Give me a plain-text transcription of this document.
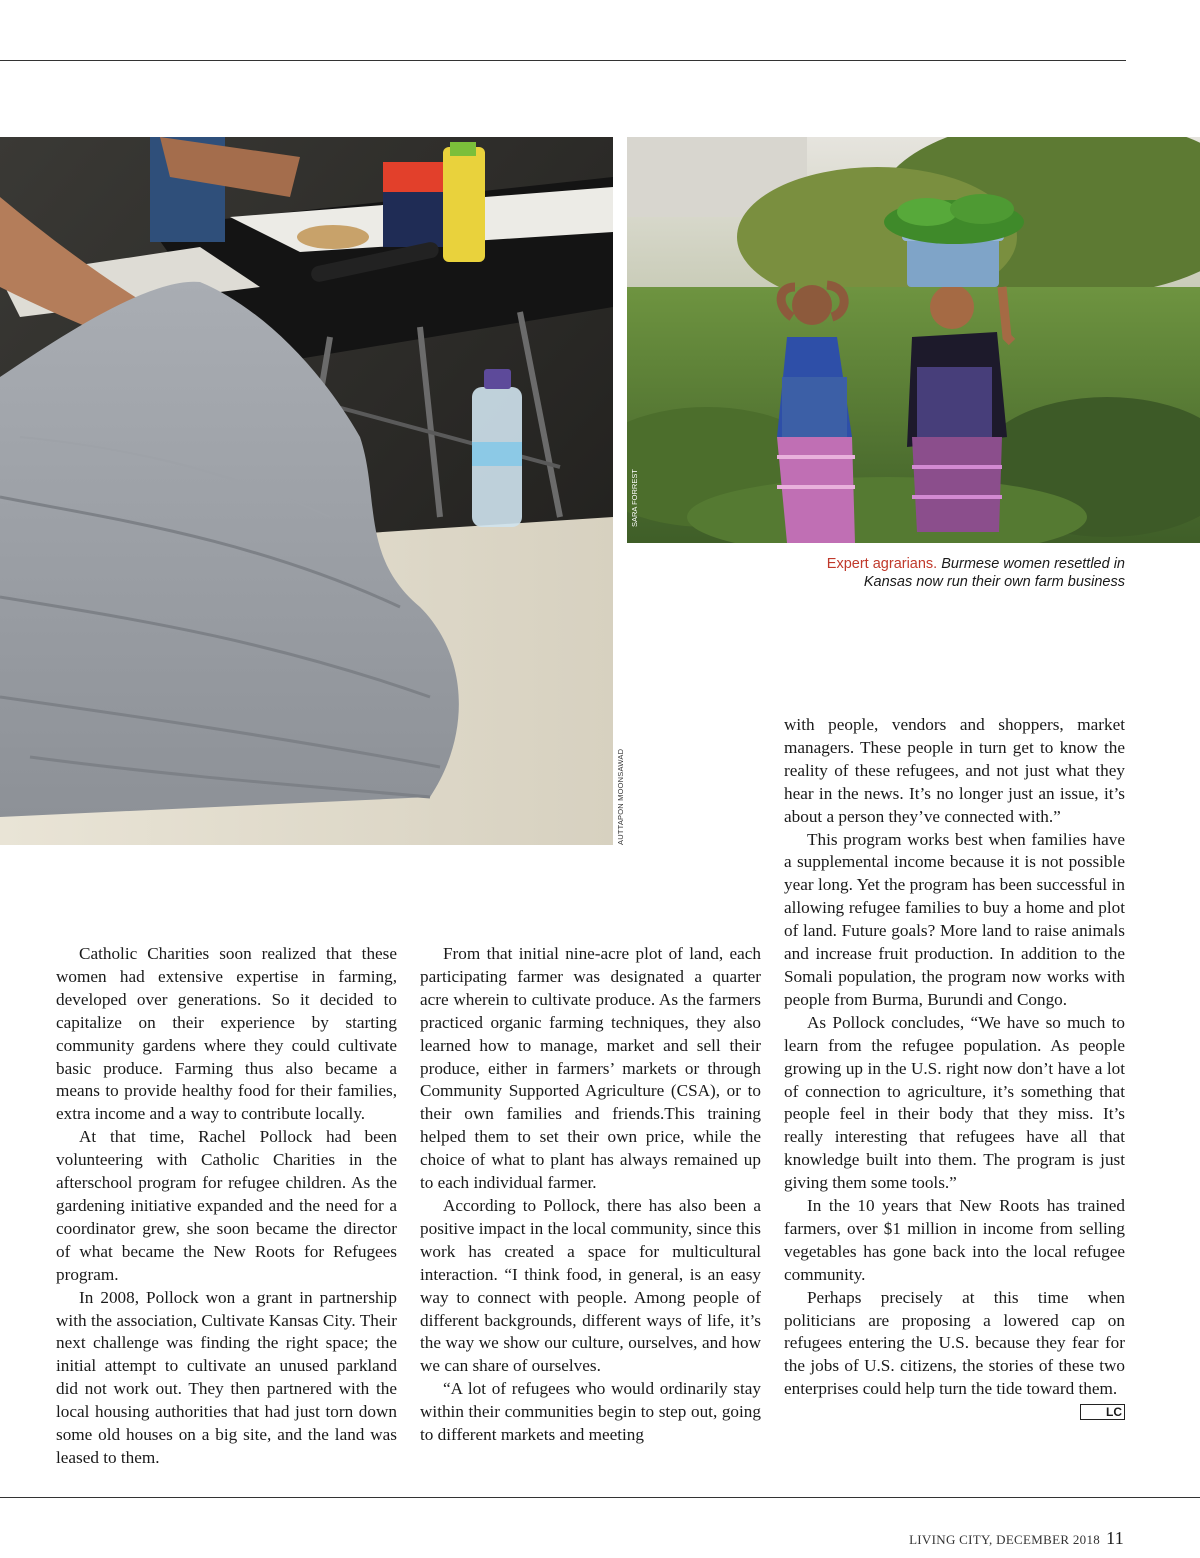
AUTTAPON MOONSAWAD
SARA FORREST
Expert agrarians. Burmese women resettled in Kansas now run their own farm business

Catholic Charities soon realized that these women had extensive expertise in farming, developed over generations. So it decided to capitalize on their experience by starting community gardens where they could cultivate basic produce. Farming thus also became a means to provide healthy food for their families, extra income and a way to contribute locally.

At that time, Rachel Pollock had been volunteering with Catholic Charities in the afterschool program for refugee children. As the gardening initiative expanded and the need for a coordinator grew, she soon became the director of what became the New Roots for Refugees program.

In 2008, Pollock won a grant in partnership with the association, Cultivate Kansas City. Their next challenge was finding the right space; the initial attempt to cultivate an unused parkland did not work out. They then partnered with the local housing authorities that had just torn down some old houses on a big site, and the land was leased to them.

From that initial nine-acre plot of land, each participating farmer was designated a quarter acre wherein to cultivate produce. As the farmers practiced organic farming techniques, they also learned how to manage, market and sell their produce, either in farmers’ markets or through Community Supported Agriculture (CSA), or to their own families and friends.This training helped them to set their own price, while the choice of what to plant has always remained up to each individual farmer.

According to Pollock, there has also been a positive impact in the local community, since this work has created a space for multicultural interaction. “I think food, in general, is an easy way to connect with people. Among people of different backgrounds, different ways of life, it’s the way we show our culture, ourselves, and how we can share of ourselves.

“A lot of refugees who would ordinarily stay within their communities begin to step out, going to different markets and meeting

with people, vendors and shoppers, market managers. These people in turn get to know the reality of these refugees, and not just what they hear in the news. It’s no longer just an issue, it’s about a person they’ve connected with.”

This program works best when families have a supplemental income because it is not possible year long. Yet the program has been successful in allowing refugee families to buy a home and plot of land. Future goals? More land to raise animals and increase fruit production. In addition to the Somali population, the program now works with people from Burma, Burundi and Congo.

As Pollock concludes, “We have so much to learn from the refugee population. As people growing up in the U.S. right now don’t have a lot of connection to agriculture, it’s something that people feel in their body that they miss. It’s really interesting that refugees have all that knowledge built into them. The program is just giving them some tools.”

In the 10 years that New Roots has trained farmers, over $1 million in income from selling vegetables has gone back into the local refugee community.

Perhaps precisely at this time when politicians are proposing a lowered cap on refugees entering the U.S. because they fear for the jobs of U.S. citizens, the stories of these two enterprises could help turn the tide toward them.
LC

LIVING CITY, DECEMBER 2018 11
